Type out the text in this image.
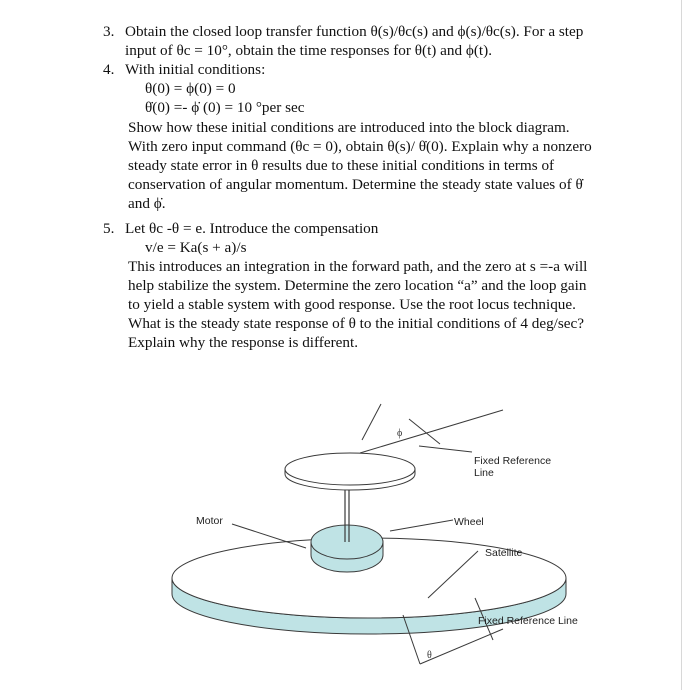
3. Obtain the closed loop transfer function θ(s)/θc(s) and ϕ(s)/θc(s). For a step
input of θc = 10°, obtain the time responses for θ(t) and ϕ(t).
4. With initial conditions:
θ(0) = ϕ(0) = 0
θ̇(0) =- ϕ̇ (0) = 10 °per sec
Show how these initial conditions are introduced into the block diagram.
With zero input command (θc = 0), obtain θ(s)/ θ̇(0). Explain why a nonzero
steady state error in θ results due to these initial conditions in terms of
conservation of angular momentum. Determine the steady state values of θ̇
and ϕ̇.
5. Let θc -θ = e. Introduce the compensation
v/e = Ka(s + a)/s
This introduces an integration in the forward path, and the zero at s =-a will
help stabilize the system. Determine the zero location “a” and the loop gain
to yield a stable system with good response. Use the root locus technique.
What is the steady state response of θ to the initial conditions of 4 deg/sec?
Explain why the response is different.
Fixed Reference
Line
Motor	Wheel
Satellite
Fixed Reference Line
ϕ
θ
